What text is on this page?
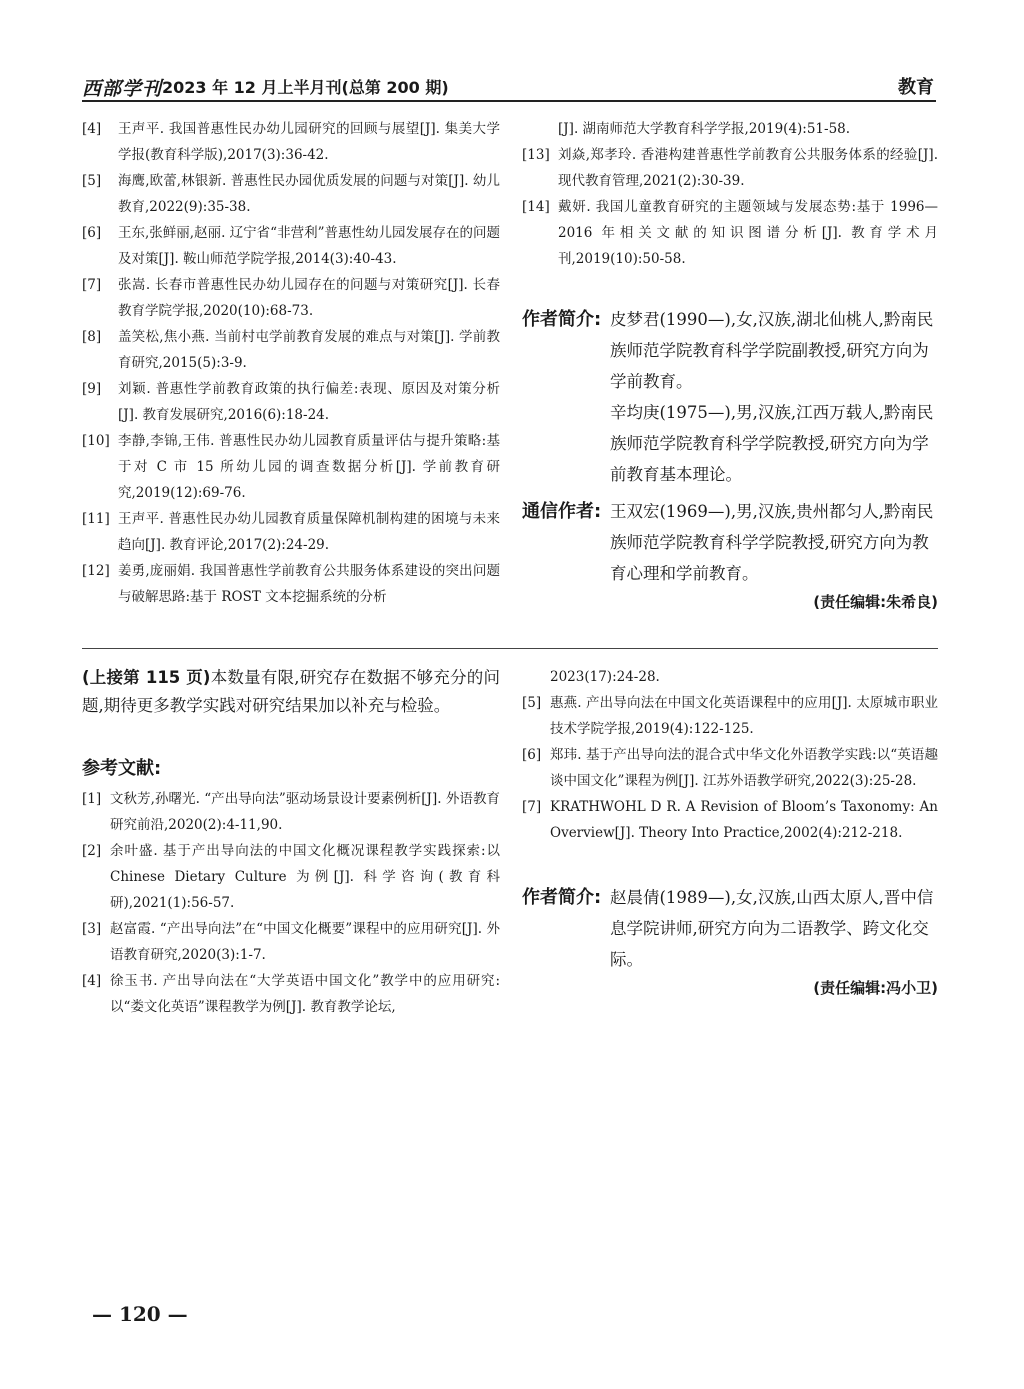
西部学刊 2023 年 12 月上半月刊(总第 200 期)	教育
[4] 王声平. 我国普惠性民办幼儿园研究的回顾与展望[J]. 集美大学学报(教育科学版),2017(3):36-42.
[5] 海鹰,欧蕾,林银新. 普惠性民办园优质发展的问题与对策[J]. 幼儿教育,2022(9):35-38.
[6] 王东,张鲜丽,赵丽. 辽宁省“非营利”普惠性幼儿园发展存在的问题及对策[J]. 鞍山师范学院学报,2014(3):40-43.
[7] 张嵩. 长春市普惠性民办幼儿园存在的问题与对策研究[J]. 长春教育学院学报,2020(10):68-73.
[8] 盖笑松,焦小燕. 当前村屯学前教育发展的难点与对策[J]. 学前教育研究,2015(5):3-9.
[9] 刘颖. 普惠性学前教育政策的执行偏差:表现、原因及对策分析[J]. 教育发展研究,2016(6):18-24.
[10] 李静,李锦,王伟. 普惠性民办幼儿园教育质量评估与提升策略:基于对 C 市 15 所幼儿园的调查数据分析[J]. 学前教育研究,2019(12):69-76.
[11] 王声平. 普惠性民办幼儿园教育质量保障机制构建的困境与未来趋向[J]. 教育评论,2017(2):24-29.
[12] 姜勇,庞丽娟. 我国普惠性学前教育公共服务体系建设的突出问题与破解思路:基于 ROST 文本挖掘系统的分析
[J]. 湖南师范大学教育科学学报,2019(4):51-58.
[13] 刘焱,郑孝玲. 香港构建普惠性学前教育公共服务体系的经验[J]. 现代教育管理,2021(2):30-39.
[14] 戴妍. 我国儿童教育研究的主题领域与发展态势:基于 1996—2016 年相关文献的知识图谱分析[J]. 教育学术月刊,2019(10):50-58.
作者简介: 皮梦君(1990—),女,汉族,湖北仙桃人,黔南民族师范学院教育科学学院副教授,研究方向为学前教育。

辛均庚(1975—),男,汉族,江西万载人,黔南民族师范学院教育科学学院教授,研究方向为学前教育基本理论。

通信作者: 王双宏(1969—),男,汉族,贵州都匀人,黔南民族师范学院教育科学学院教授,研究方向为教育心理和学前教育。

(责任编辑:朱希良)

(上接第 115 页)本数量有限,研究存在数据不够充分的问题,期待更多教学实践对研究结果加以补充与检验。

参考文献:
[1] 文秋芳,孙曙光. “产出导向法”驱动场景设计要素例析[J]. 外语教育研究前沿,2020(2):4-11,90.
[2] 余叶盛. 基于产出导向法的中国文化概况课程教学实践探索:以 Chinese Dietary Culture 为例[J]. 科学咨询(教育科研),2021(1):56-57.
[3] 赵富霞. “产出导向法”在“中国文化概要”课程中的应用研究[J]. 外语教育研究,2020(3):1-7.
[4] 徐玉书. 产出导向法在“大学英语中国文化”教学中的应用研究:以“娄文化英语”课程教学为例[J]. 教育教学论坛,
2023(17):24-28.
[5] 惠燕. 产出导向法在中国文化英语课程中的应用[J]. 太原城市职业技术学院学报,2019(4):122-125.
[6] 郑玮. 基于产出导向法的混合式中华文化外语教学实践:以“英语趣谈中国文化”课程为例[J]. 江苏外语教学研究,2022(3):25-28.
[7] KRATHWOHL D R. A Revision of Bloom’s Taxonomy: An Overview[J]. Theory Into Practice,2002(4):212-218.
作者简介: 赵晨倩(1989—),女,汉族,山西太原人,晋中信息学院讲师,研究方向为二语教学、跨文化交际。

(责任编辑:冯小卫)
— 120 —
